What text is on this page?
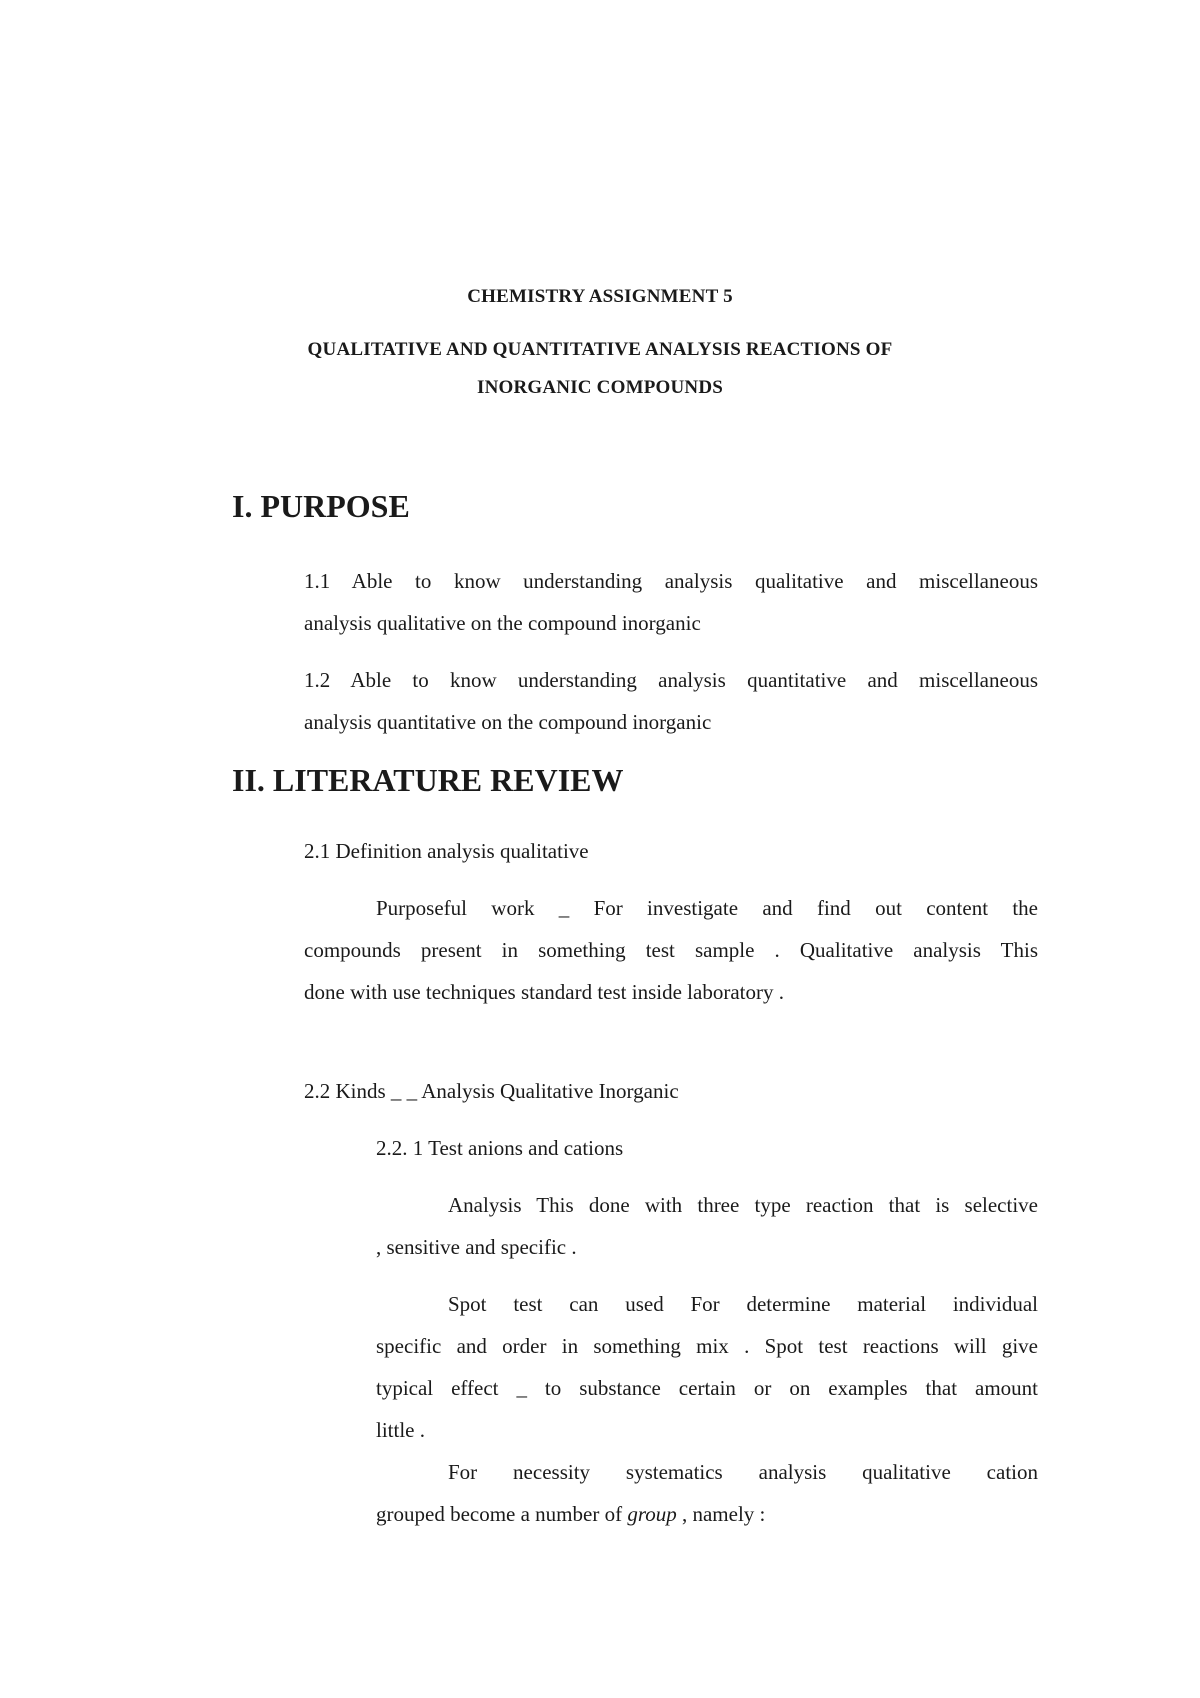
CHEMISTRY ASSIGNMENT 5
QUALITATIVE AND QUANTITATIVE ANALYSIS REACTIONS OF
INORGANIC COMPOUNDS
I. PURPOSE
1.1 Able to know understanding analysis qualitative and miscellaneous
analysis qualitative on the compound inorganic
1.2 Able to know understanding analysis quantitative and miscellaneous
analysis quantitative on the compound inorganic
II. LITERATURE REVIEW
2.1 Definition analysis qualitative
Purposeful work _ For investigate and find out content the
compounds present in something test sample . Qualitative analysis This
done with use techniques standard test inside laboratory .
2.2 Kinds _ _ Analysis Qualitative Inorganic
2.2. 1 Test anions and cations
Analysis This done with three type reaction that is selective
, sensitive and specific .
Spot test can used For determine material individual
specific and order in something mix . Spot test reactions will give
typical effect _ to substance certain or on examples that amount
little .
For necessity systematics analysis qualitative cation
grouped become a number of group , namely :
